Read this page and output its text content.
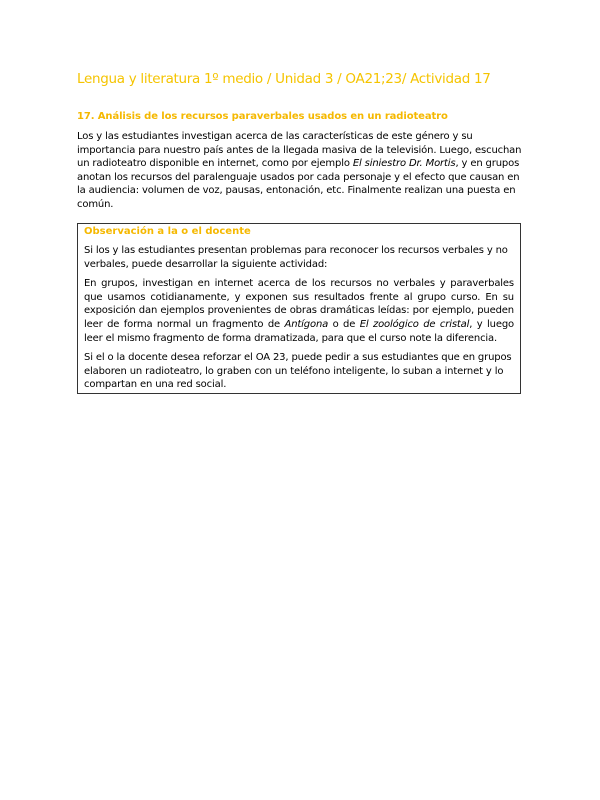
Lengua y literatura 1º medio / Unidad 3 / OA21;23/ Actividad 17
17. Análisis de los recursos paraverbales usados en un radioteatro

Los y las estudiantes investigan acerca de las características de este género y su importancia para nuestro país antes de la llegada masiva de la televisión. Luego, escuchan un radioteatro disponible en internet, como por ejemplo El siniestro Dr. Mortis, y en grupos anotan los recursos del paralenguaje usados por cada personaje y el efecto que causan en la audiencia: volumen de voz, pausas, entonación, etc. Finalmente realizan una puesta en común.

Observación a la o el docente

Si los y las estudiantes presentan problemas para reconocer los recursos verbales y no verbales, puede desarrollar la siguiente actividad:

En grupos, investigan en internet acerca de los recursos no verbales y paraverbales que usamos cotidianamente, y exponen sus resultados frente al grupo curso. En su exposición dan ejemplos provenientes de obras dramáticas leídas: por ejemplo, pueden leer de forma normal un fragmento de Antígona o de El zoológico de cristal, y luego leer el mismo fragmento de forma dramatizada, para que el curso note la diferencia.

Si el o la docente desea reforzar el OA 23, puede pedir a sus estudiantes que en grupos elaboren un radioteatro, lo graben con un teléfono inteligente, lo suban a internet y lo compartan en una red social.
